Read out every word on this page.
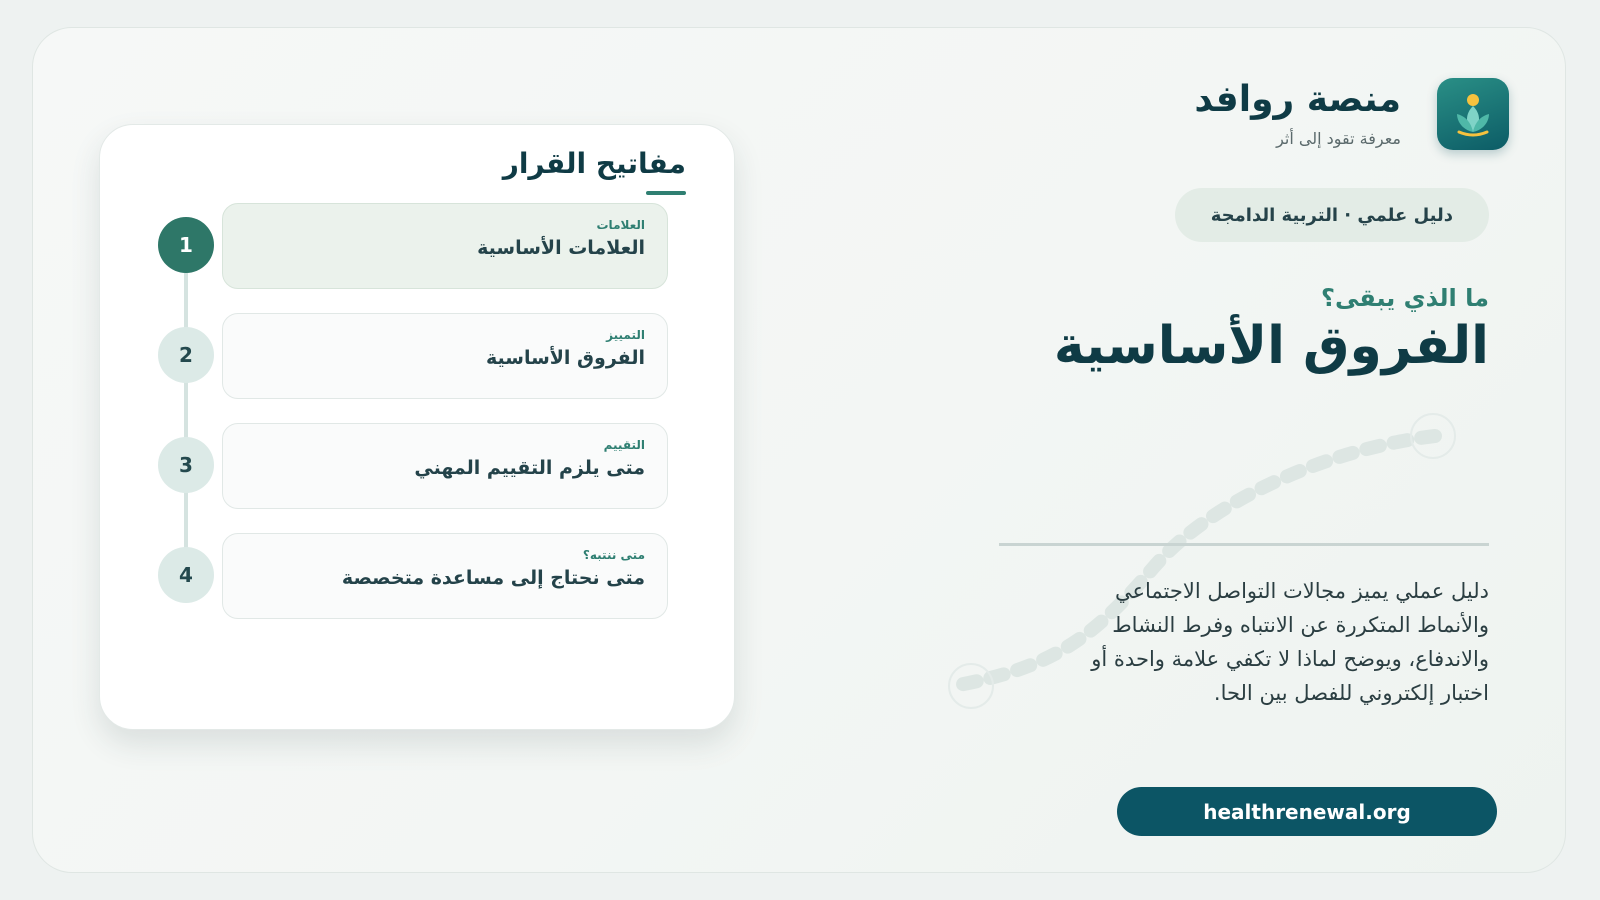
مفاتيح القرار
1
العلامات
العلامات الأساسية
2
التمييز
الفروق الأساسية
3
التقييم
متى يلزم التقييم المهني
4
متى ننتبه؟
متى نحتاج إلى مساعدة متخصصة
منصة روافد
معرفة تقود إلى أثر
دليل علمي · التربية الدامجة
ما الذي يبقى؟
الفروق الأساسية
دليل عملي يميز مجالات التواصل الاجتماعي والأنماط المتكررة عن الانتباه وفرط النشاط والاندفاع، ويوضح لماذا لا تكفي علامة واحدة أو اختبار إلكتروني للفصل بين الحا.
healthrenewal.org
